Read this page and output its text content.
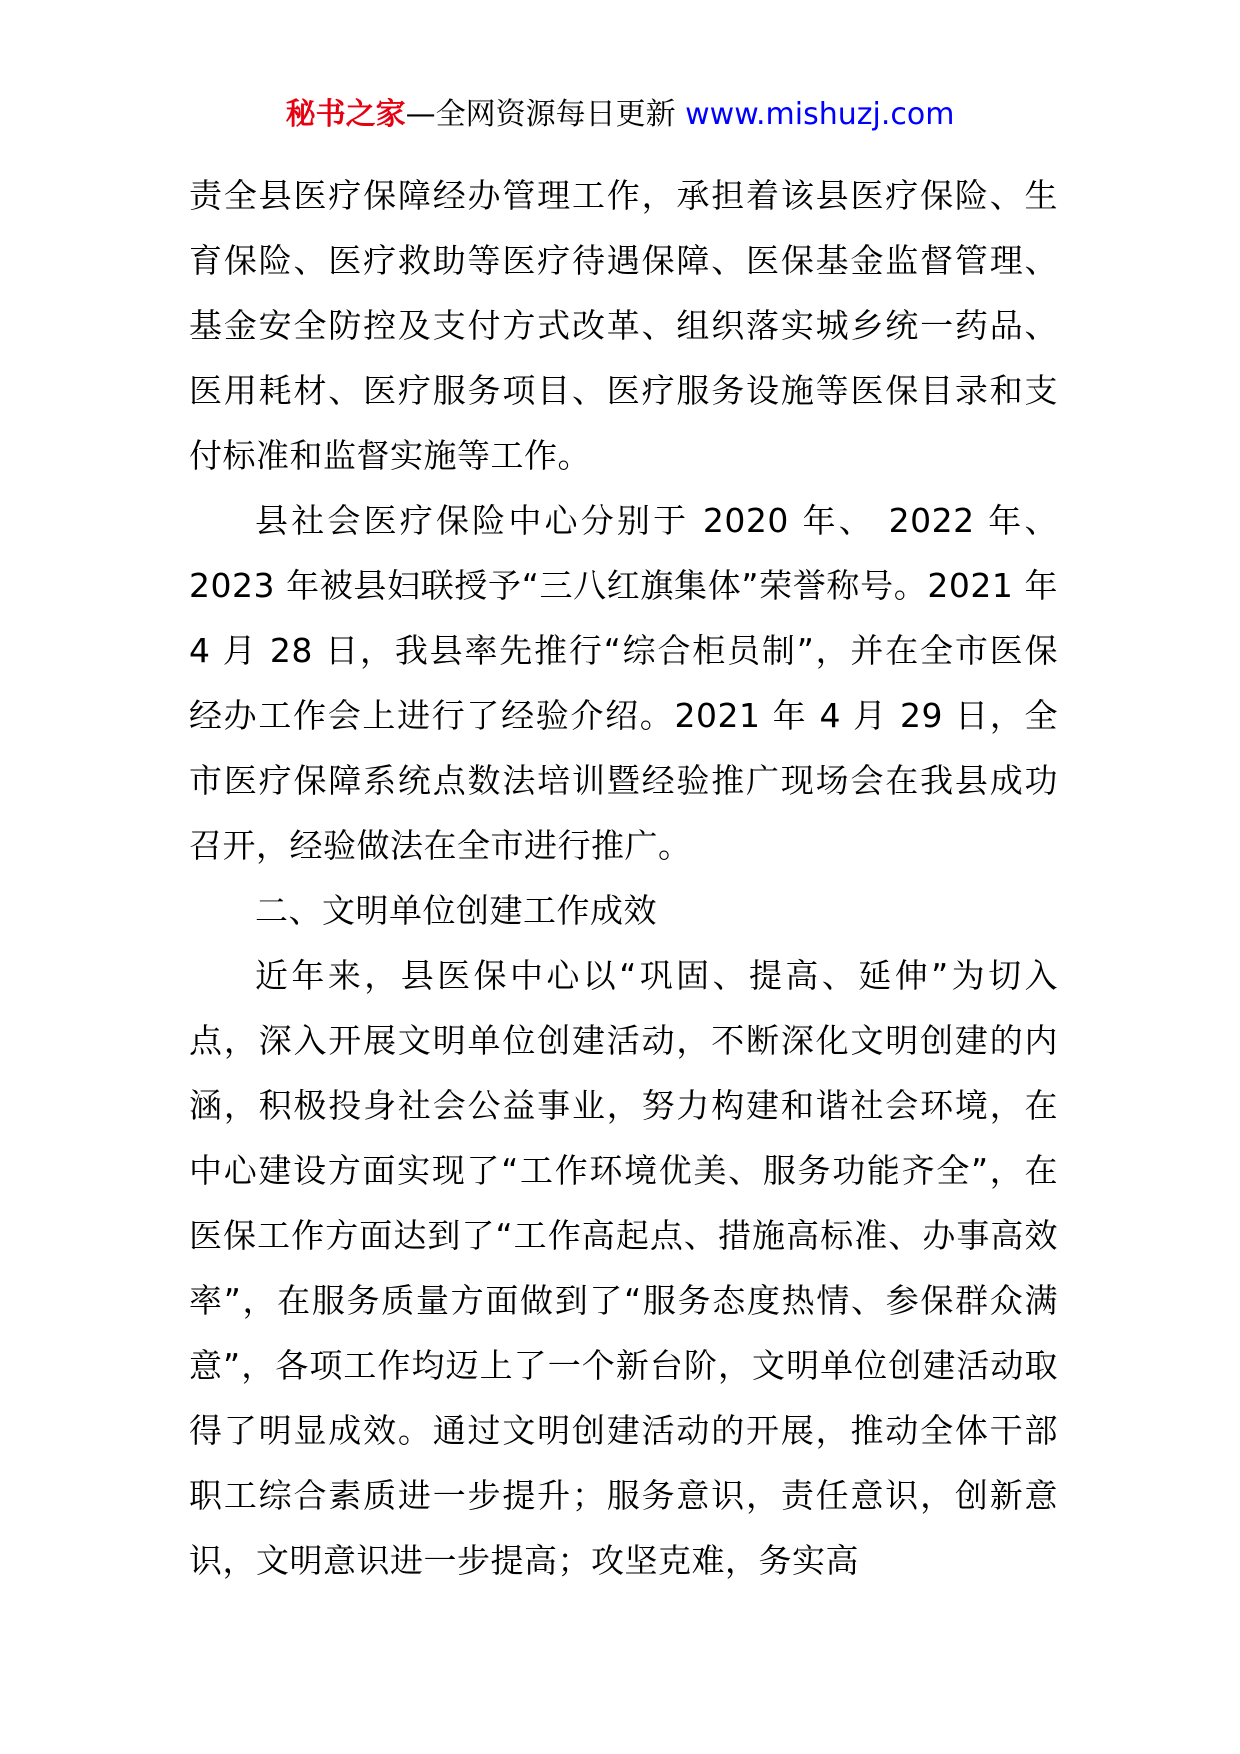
秘书之家—全网资源每日更新 www.mishuzj.com

责全县医疗保障经办管理工作，承担着该县医疗保险、生育保险、医疗救助等医疗待遇保障、医保基金监督管理、基金安全防控及支付方式改革、组织落实城乡统一药品、医用耗材、医疗服务项目、医疗服务设施等医保目录和支付标准和监督实施等工作。

县社会医疗保险中心分别于 2020 年、 2022 年、2023 年被县妇联授予“三八红旗集体”荣誉称号。2021 年 4 月 28 日，我县率先推行“综合柜员制”，并在全市医保经办工作会上进行了经验介绍。2021 年 4 月 29 日，全市医疗保障系统点数法培训暨经验推广现场会在我县成功召开，经验做法在全市进行推广。

二、文明单位创建工作成效

近年来，县医保中心以“巩固、提高、延伸”为切入点，深入开展文明单位创建活动，不断深化文明创建的内涵，积极投身社会公益事业，努力构建和谐社会环境，在中心建设方面实现了“工作环境优美、服务功能齐全”，在医保工作方面达到了“工作高起点、措施高标准、办事高效率”，在服务质量方面做到了“服务态度热情、参保群众满意”，各项工作均迈上了一个新台阶，文明单位创建活动取得了明显成效。通过文明创建活动的开展，推动全体干部职工综合素质进一步提升；服务意识，责任意识，创新意识，文明意识进一步提高；攻坚克难，务实高
